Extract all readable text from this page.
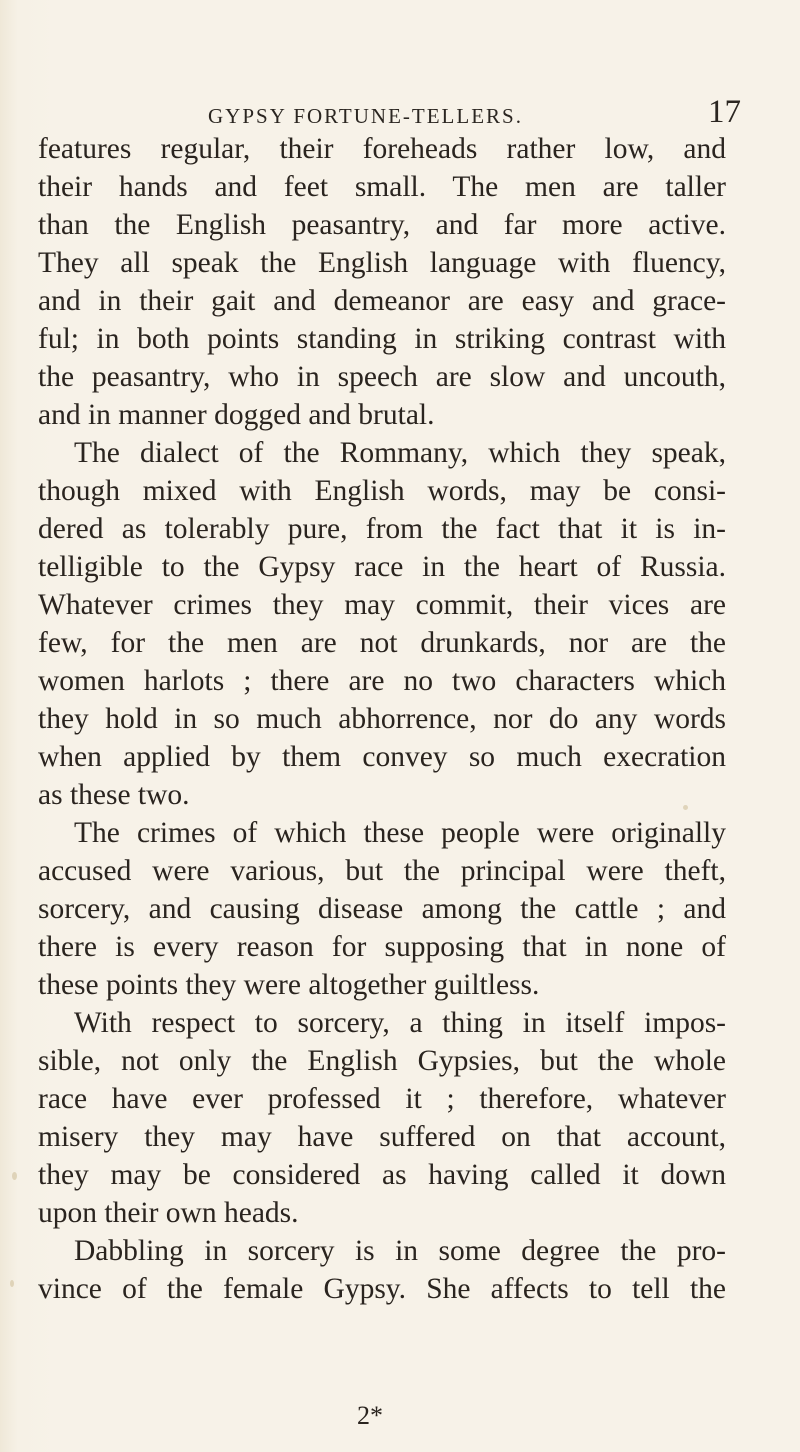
GYPSY FORTUNE-TELLERS.	17
features regular, their foreheads rather low, and
their hands and feet small. The men are taller
than the English peasantry, and far more active.
They all speak the English language with fluency,
and in their gait and demeanor are easy and grace-
ful; in both points standing in striking contrast with
the peasantry, who in speech are slow and uncouth,
and in manner dogged and brutal.
The dialect of the Rommany, which they speak,
though mixed with English words, may be consi-
dered as tolerably pure, from the fact that it is in-
telligible to the Gypsy race in the heart of Russia.
Whatever crimes they may commit, their vices are
few, for the men are not drunkards, nor are the
women harlots ; there are no two characters which
they hold in so much abhorrence, nor do any words
when applied by them convey so much execration
as these two.
The crimes of which these people were originally
accused were various, but the principal were theft,
sorcery, and causing disease among the cattle ; and
there is every reason for supposing that in none of
these points they were altogether guiltless.
With respect to sorcery, a thing in itself impos-
sible, not only the English Gypsies, but the whole
race have ever professed it ; therefore, whatever
misery they may have suffered on that account,
they may be considered as having called it down
upon their own heads.
Dabbling in sorcery is in some degree the pro-
vince of the female Gypsy. She affects to tell the
2*
